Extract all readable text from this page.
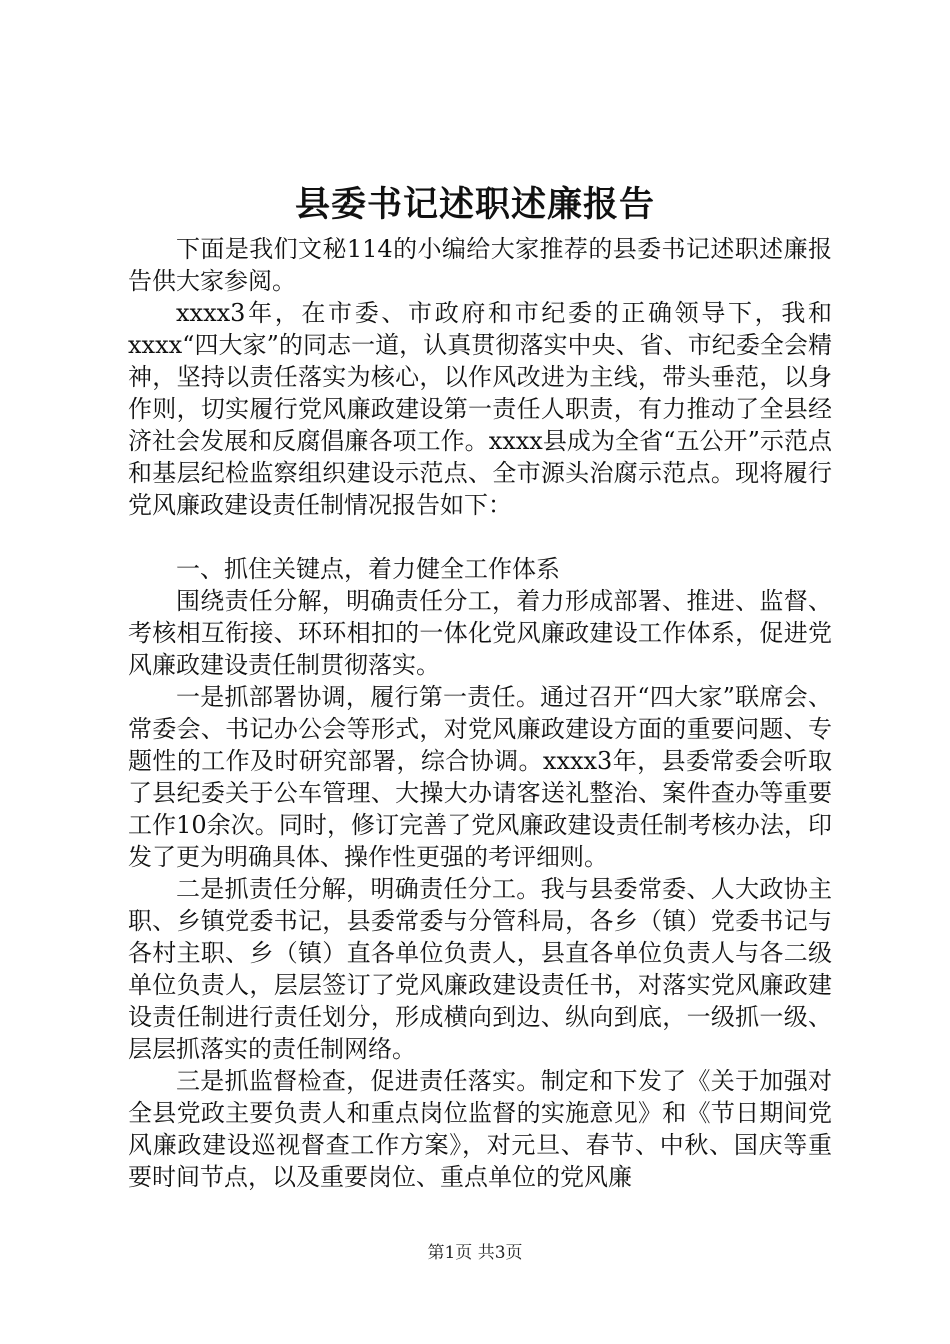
县委书记述职述廉报告

下面是我们文秘114的小编给大家推荐的县委书记述职述廉报告供大家参阅。

xxxx3年，在市委、市政府和市纪委的正确领导下，我和xxxx“四大家”的同志一道，认真贯彻落实中央、省、市纪委全会精神，坚持以责任落实为核心，以作风改进为主线，带头垂范，以身作则，切实履行党风廉政建设第一责任人职责，有力推动了全县经济社会发展和反腐倡廉各项工作。xxxx县成为全省“五公开”示范点和基层纪检监察组织建设示范点、全市源头治腐示范点。现将履行党风廉政建设责任制情况报告如下：

一、抓住关键点，着力健全工作体系

围绕责任分解，明确责任分工，着力形成部署、推进、监督、考核相互衔接、环环相扣的一体化党风廉政建设工作体系，促进党风廉政建设责任制贯彻落实。

一是抓部署协调，履行第一责任。通过召开“四大家”联席会、常委会、书记办公会等形式，对党风廉政建设方面的重要问题、专题性的工作及时研究部署，综合协调。xxxx3年，县委常委会听取了县纪委关于公车管理、大操大办请客送礼整治、案件查办等重要工作10余次。同时，修订完善了党风廉政建设责任制考核办法，印发了更为明确具体、操作性更强的考评细则。

二是抓责任分解，明确责任分工。我与县委常委、人大政协主职、乡镇党委书记，县委常委与分管科局，各乡（镇）党委书记与各村主职、乡（镇）直各单位负责人，县直各单位负责人与各二级单位负责人，层层签订了党风廉政建设责任书，对落实党风廉政建设责任制进行责任划分，形成横向到边、纵向到底，一级抓一级、层层抓落实的责任制网络。

三是抓监督检查，促进责任落实。制定和下发了《关于加强对全县党政主要负责人和重点岗位监督的实施意见》和《节日期间党风廉政建设巡视督查工作方案》，对元旦、春节、中秋、国庆等重要时间节点，以及重要岗位、重点单位的党风廉

第1页 共3页
